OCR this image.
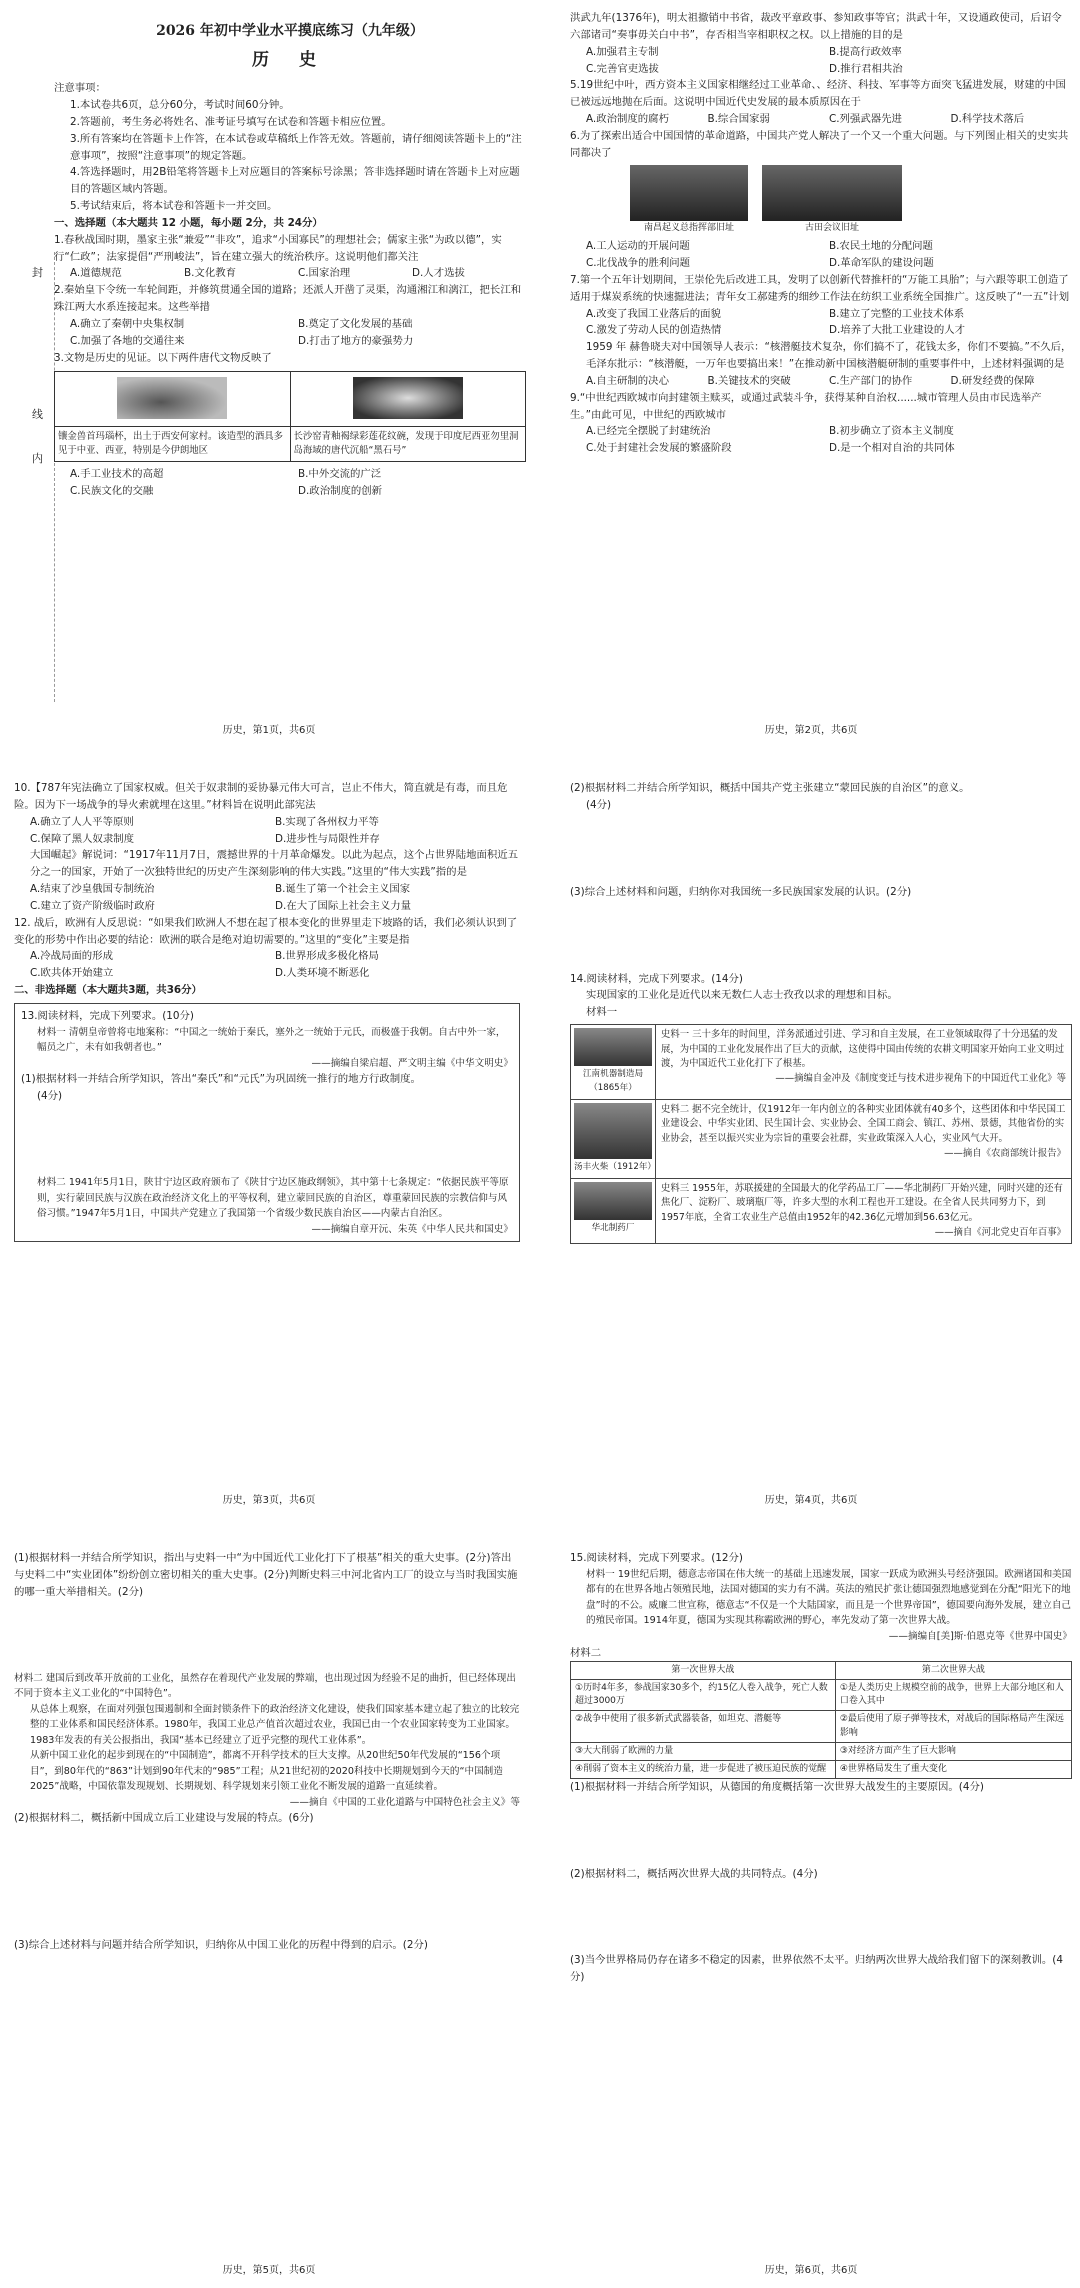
封
线
内
2026 年初中学业水平摸底练习（九年级）
历 史
注意事项：
1.本试卷共6页，总分60分，考试时间60分钟。
2.答题前，考生务必将姓名、准考证号填写在试卷和答题卡相应位置。
3.所有答案均在答题卡上作答，在本试卷或草稿纸上作答无效。答题前，请仔细阅读答题卡上的“注意事项”，按照“注意事项”的规定答题。
4.答选择题时，用2B铅笔将答题卡上对应题目的答案标号涂黑；答非选择题时请在答题卡上对应题目的答题区域内答题。
5.考试结束后，将本试卷和答题卡一并交回。
一、选择题（本大题共 12 小题，每小题 2分，共 24分）
1.春秋战国时期，墨家主张“兼爱”“非攻”，追求“小国寡民”的理想社会；儒家主张“为政以德”，实行“仁政”；法家提倡“严刑峻法”，旨在建立强大的统治秩序。这说明他们都关注
A.道德规范	B.文化教育	C.国家治理	D.人才选拔
2.秦始皇下令统一车轮间距，并修筑贯通全国的道路；还派人开凿了灵渠，沟通湘江和漓江，把长江和珠江两大水系连接起来。这些举措
A.确立了秦朝中央集权制	B.奠定了文化发展的基础
C.加强了各地的交通往来	D.打击了地方的豪强势力
3.文物是历史的见证。以下两件唐代文物反映了

镶金兽首玛瑙杯，出土于西安何家村。该造型的酒具多见于中亚、西亚，特别是今伊朗地区	长沙窑青釉褐绿彩莲花纹碗，发现于印度尼西亚勿里洞岛海域的唐代沉船“黑石号”
A.手工业技术的高超	B.中外交流的广泛
C.民族文化的交融	D.政治制度的创新
历史，第1页，共6页
洪武九年(1376年)，明太祖撤销中书省，裁改平章政事、参知政事等官；洪武十年，又设通政使司，后诏令六部诸司“奏事毋关白中书”，存否相当宰相职权之权。以上措施的目的是
A.加强君主专制	B.提高行政效率
C.完善官吏选拔	D.推行君相共治
5.19世纪中叶，西方资本主义国家相继经过工业革命、、经济、科技、军事等方面突飞猛进发展，财建的中国已被远远地抛在后面。这说明中国近代史发展的最本质原因在于
A.政治制度的腐朽	B.综合国家弱	C.列强武器先进	D.科学技术落后
6.为了探索出适合中国国情的革命道路，中国共产党人解决了一个又一个重大问题。与下列图止相关的史实共同都决了
南昌起义总指挥部旧址	古田会议旧址
A.工人运动的开展问题	B.农民土地的分配问题
C.北伐战争的胜利问题	D.革命军队的建设问题
7.第一个五年计划期间，王崇伦先后改进工具，发明了以创新代替推杆的“万能工具胎”；与六跟等职工创造了适用于煤炭系统的快速掘进法；青年女工郝建秀的细纱工作法在纺织工业系统全国推广。这反映了“一五”计划
A.改变了我国工业落后的面貌	B.建立了完整的工业技术体系
C.激发了劳动人民的创造热情	D.培养了大批工业建设的人才
1959 年 赫鲁晓夫对中国领导人表示：“核潜艇技术复杂，你们搞不了，花钱太多，你们不要搞。”不久后，毛泽东批示：“核潜艇，一万年也要搞出来！”在推动新中国核潜艇研制的重要事件中，上述材料强调的是
A.自主研制的决心	B.关键技术的突破	C.生产部门的协作	D.研发经费的保障
9.“中世纪西欧城市向封建领主赎买，或通过武装斗争，获得某种自治权......城市管理人员由市民选举产生。”由此可见，中世纪的西欧城市
A.已经完全摆脱了封建统治	B.初步确立了资本主义制度
C.处于封建社会发展的繁盛阶段	D.是一个相对自治的共同体
历史，第2页，共6页
10.【787年宪法确立了国家权威。但关于奴隶制的妥协暴元伟大可言，岂止不伟大，简直就是有毒，而且危险。因为下一场战争的导火索就埋在这里。”材料旨在说明此部宪法
A.确立了人人平等原则	B.实现了各州权力平等
C.保障了黑人奴隶制度	D.进步性与局限性并存
大国崛起》解说词：“1917年11月7日，震撼世界的十月革命爆发。以此为起点，这个占世界陆地面积近五分之一的国家，开始了一次独特世纪的历史产生深刻影响的伟大实践。”这里的“伟大实践”指的是
A.结束了沙皇俄国专制统治	B.诞生了第一个社会主义国家
C.建立了资产阶级临时政府	D.在大了国际上社会主义力量
12. 战后，欧洲有人反思说：“如果我们欧洲人不想在起了根本变化的世界里走下坡路的话，我们必须认识到了变化的形势中作出必要的结论：欧洲的联合是绝对迫切需要的。”这里的“变化”主要是指
A.冷战局面的形成	B.世界形成多极化格局
C.欧共体开始建立	D.人类环境不断恶化
二、非选择题（本大题共3题，共36分）
13.阅读材料，完成下列要求。(10分)
材料一 清朝皇帝曾将屯地案称：“中国之一统始于秦氏，塞外之一统始于元氏，而极盛于我朝。自古中外一家，幅员之广，未有如我朝者也。”
——摘编自梁启超、严文明主编《中华文明史》
(1)根据材料一并结合所学知识，答出“秦氏”和“元氏”为巩固统一推行的地方行政制度。
(4分)
材料二 1941年5月1日，陕甘宁边区政府颁布了《陕甘宁边区施政纲领》，其中第十七条规定：“依据民族平等原则，实行蒙回民族与汉族在政治经济文化上的平等权利，建立蒙回民族的自治区，尊重蒙回民族的宗教信仰与风俗习惯。”1947年5月1日，中国共产党建立了我国第一个省级少数民族自治区——内蒙古自治区。
——摘编自章开沅、朱英《中华人民共和国史》
历史，第3页，共6页
(2)根据材料二并结合所学知识，概括中国共产党主张建立“蒙回民族的自治区”的意义。
(4分)
(3)综合上述材料和问题，归纳你对我国统一多民族国家发展的认识。(2分)
14.阅读材料，完成下列要求。(14分)
实现国家的工业化是近代以来无数仁人志士孜孜以求的理想和目标。
材料一
江南机器制造局（1865年）
史料一 三十多年的时间里，洋务派通过引进、学习和自主发展，在工业领域取得了十分迅猛的发展，为中国的工业化发展作出了巨大的贡献，这使得中国由传统的农耕文明国家开始向工业文明过渡，为中国近代工业化打下了根基。
——摘编自金冲及《制度变迁与技术进步视角下的中国近代工业化》等
汤丰火柴（1912年）
史料二 据不完全统计，仅1912年一年内创立的各种实业团体就有40多个，这些团体和中华民国工业建设会、中华实业团、民生国计会、实业协会、全国工商会、镇江、苏州、景德，其他省份的实业协会，甚至以振兴实业为宗旨的重要会社群，实业政策深入人心，实业风气大开。
——摘自《农商部统计报告》
华北制药厂
史料三 1955年，苏联援建的全国最大的化学药品工厂——华北制药厂开始兴建，同时兴建的还有焦化厂、淀粉厂、玻璃瓶厂等，许多大型的水利工程也开工建设。在全省人民共同努力下，到1957年底，全省工农业生产总值由1952年的42.36亿元增加到56.63亿元。
——摘自《河北党史百年百事》
历史，第4页，共6页
(1)根据材料一并结合所学知识，指出与史料一中“为中国近代工业化打下了根基”相关的重大史事。(2分)答出与史料二中“实业团体”纷纷创立密切相关的重大史事。(2分)判断史料三中河北省内工厂的设立与当时我国实施的哪一重大举措相关。(2分)
材料二 建国后到改革开放前的工业化，虽然存在着现代产业发展的弊端，也出现过因为经验不足的曲折，但已经体现出不同于资本主义工业化的“中国特色”。
从总体上观察，在面对列强包围遏制和全面封锁条件下的政治经济文化建设，使我们国家基本建立起了独立的比较完整的工业体系和国民经济体系。1980年，我国工业总产值首次超过农业，我国已由一个农业国家转变为工业国家。1983年发表的有关公报指出，我国“基本已经建立了近乎完整的现代工业体系”。
从新中国工业化的起步到现在的“中国制造”，都离不开科学技术的巨大支撑。从20世纪50年代发展的“156个项目”，到80年代的“863”计划到90年代末的“985”工程；从21世纪初的2020科技中长期规划到今天的“中国制造2025”战略，中国依靠发现规划、长期规划、科学规划来引领工业化不断发展的道路一直延续着。
——摘自《中国的工业化道路与中国特色社会主义》等
(2)根据材料二，概括新中国成立后工业建设与发展的特点。(6分)
(3)综合上述材料与问题并结合所学知识，归纳你从中国工业化的历程中得到的启示。(2分)
历史，第5页，共6页
15.阅读材料，完成下列要求。(12分)
材料一 19世纪后期，德意志帝国在伟大统一的基础上迅速发展，国家一跃成为欧洲头号经济强国。欧洲诸国和美国都有的在世界各地占领殖民地，法国对德国的实力有不满。英法的殖民扩张让德国强烈地感觉到在分配“阳光下的地盘”时的不公。威廉二世宣称，德意志“不仅是一个大陆国家，而且是一个世界帝国”，德国要向海外发展，建立自己的殖民帝国。1914年夏，德国为实现其称霸欧洲的野心，率先发动了第一次世界大战。
——摘编自[美]斯·伯恩克等《世界中国史》
材料二
第一次世界大战	第二次世界大战
①历时4年多，参战国家30多个，约15亿人卷入战争，死亡人数超过3000万	①是人类历史上规模空前的战争，世界上大部分地区和人口卷入其中
②战争中使用了很多新式武器装备，如坦克、潜艇等	②最后使用了原子弹等技术，对战后的国际格局产生深远影响
③大大削弱了欧洲的力量	③对经济方面产生了巨大影响
④削弱了资本主义的统治力量，进一步促进了被压迫民族的觉醒	④世界格局发生了重大变化
(1)根据材料一并结合所学知识，从德国的角度概括第一次世界大战发生的主要原因。(4分)
(2)根据材料二，概括两次世界大战的共同特点。(4分)
(3)当今世界格局仍存在诸多不稳定的因素，世界依然不太平。归纳两次世界大战给我们留下的深刻教训。(4分)
历史，第6页，共6页
